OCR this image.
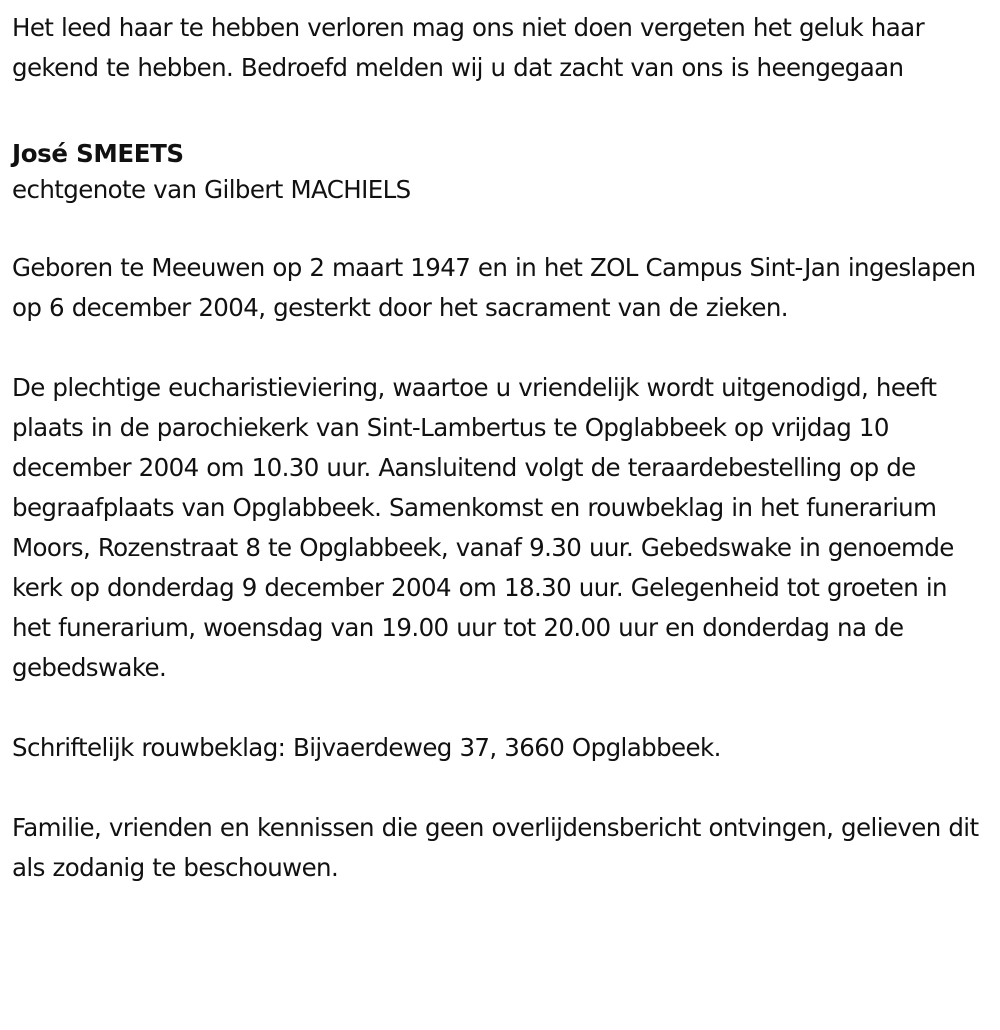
Het leed haar te hebben verloren mag ons niet doen vergeten het geluk haar gekend te hebben. Bedroefd melden wij u dat zacht van ons is heengegaan

José SMEETS

echtgenote van Gilbert MACHIELS

Geboren te Meeuwen op 2 maart 1947 en in het ZOL Campus Sint-Jan ingeslapen op 6 december 2004, gesterkt door het sacrament van de zieken.

De plechtige eucharistieviering, waartoe u vriendelijk wordt uitgenodigd, heeft plaats in de parochiekerk van Sint-Lambertus te Opglabbeek op vrijdag 10 december 2004 om 10.30 uur. Aansluitend volgt de teraardebestelling op de begraafplaats van Opglabbeek. Samenkomst en rouwbeklag in het funerarium Moors, Rozenstraat 8 te Opglabbeek, vanaf 9.30 uur. Gebedswake in genoemde kerk op donderdag 9 december 2004 om 18.30 uur. Gelegenheid tot groeten in het funerarium, woensdag van 19.00 uur tot 20.00 uur en donderdag na de gebedswake.

Schriftelijk rouwbeklag: Bijvaerdeweg 37, 3660 Opglabbeek.

Familie, vrienden en kennissen die geen overlijdensbericht ontvingen, gelieven dit als zodanig te beschouwen.
